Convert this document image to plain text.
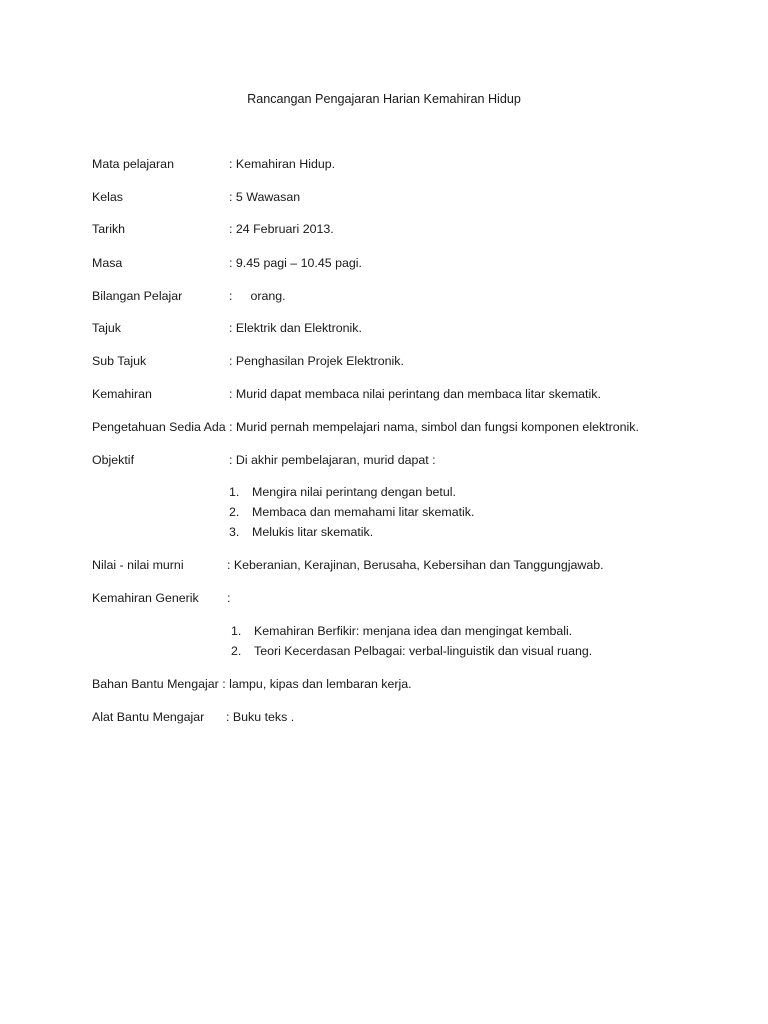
Rancangan Pengajaran Harian Kemahiran Hidup
Mata pelajaran	: Kemahiran Hidup.
Kelas	: 5 Wawasan
Tarikh	: 24 Februari 2013.
Masa	: 9.45 pagi – 10.45 pagi.
Bilangan Pelajar	: orang.
Tajuk	: Elektrik dan Elektronik.
Sub Tajuk	: Penghasilan Projek Elektronik.
Kemahiran	: Murid dapat membaca nilai perintang dan membaca litar skematik.
Pengetahuan Sedia Ada : Murid pernah mempelajari nama, simbol dan fungsi komponen elektronik.
Objektif	: Di akhir pembelajaran, murid dapat :
1. Mengira nilai perintang dengan betul.
2. Membaca dan memahami litar skematik.
3. Melukis litar skematik.
Nilai - nilai murni	: Keberanian, Kerajinan, Berusaha, Kebersihan dan Tanggungjawab.
Kemahiran Generik :
1. Kemahiran Berfikir: menjana idea dan mengingat kembali.
2. Teori Kecerdasan Pelbagai: verbal-linguistik dan visual ruang.
Bahan Bantu Mengajar : lampu, kipas dan lembaran kerja.
Alat Bantu Mengajar : Buku teks .
